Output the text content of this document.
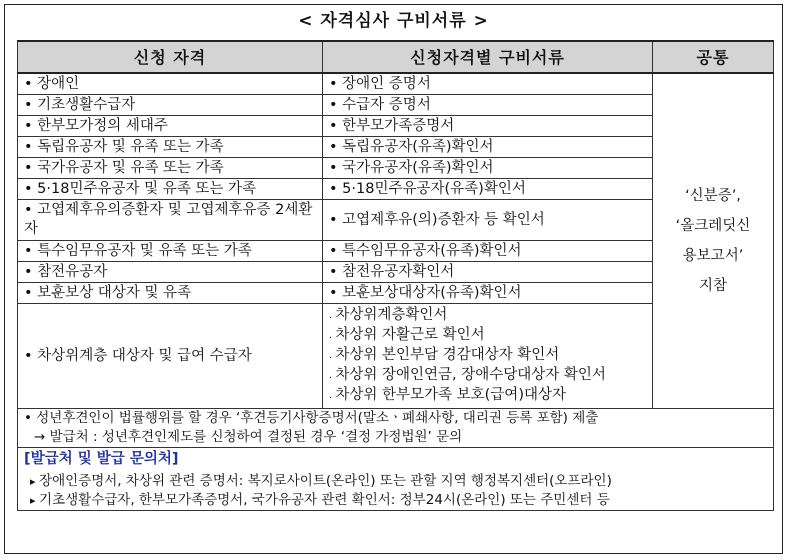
< 자격심사 구비서류 >
신청 자격	신청자격별 구비서류	공통
• 장애인	• 장애인 증명서	‘신분증’,
‘올크레딧신
용보고서’
지참

• 기초생활수급자	• 수급자 증명서
• 한부모가정의 세대주	• 한부모가족증명서
• 독립유공자 및 유족 또는 가족	• 독립유공자(유족)확인서
• 국가유공자 및 유족 또는 가족	• 국가유공자(유족)확인서
• 5·18민주유공자 및 유족 또는 가족	• 5·18민주유공자(유족)확인서
• 고엽제후유의증환자 및 고엽제후유증 2세환자	• 고엽제후유(의)증환자 등 확인서
• 특수임무유공자 및 유족 또는 가족	• 특수임무유공자(유족)확인서
• 참전유공자	• 참전유공자확인서
• 보훈보상 대상자 및 유족	• 보훈보상대상자(유족)확인서
• 차상위계층 대상자 및 급여 수급자	. 차상위계층확인서
. 차상위 자활근로 확인서
. 차상위 본인부담 경감대상자 확인서
. 차상위 장애인연금, 장애수당대상자 확인서
. 차상위 한부모가족 보호(급여)대상자

• 성년후견인이 법률행위를 할 경우 ‘후견등기사항증명서(말소ㆍ폐쇄사항, 대리권 등록 포함) 제출
→ 발급처 : 성년후견인제도를 신청하여 결정된 경우 ‘결정 가정법원’ 문의

[발급처 및 발급 문의처]
▸ 장애인증명서, 차상위 관련 증명서: 복지로사이트(온라인) 또는 관할 지역 행정복지센터(오프라인)
▸ 기초생활수급자, 한부모가족증명서, 국가유공자 관련 확인서: 정부24시(온라인) 또는 주민센터 등
